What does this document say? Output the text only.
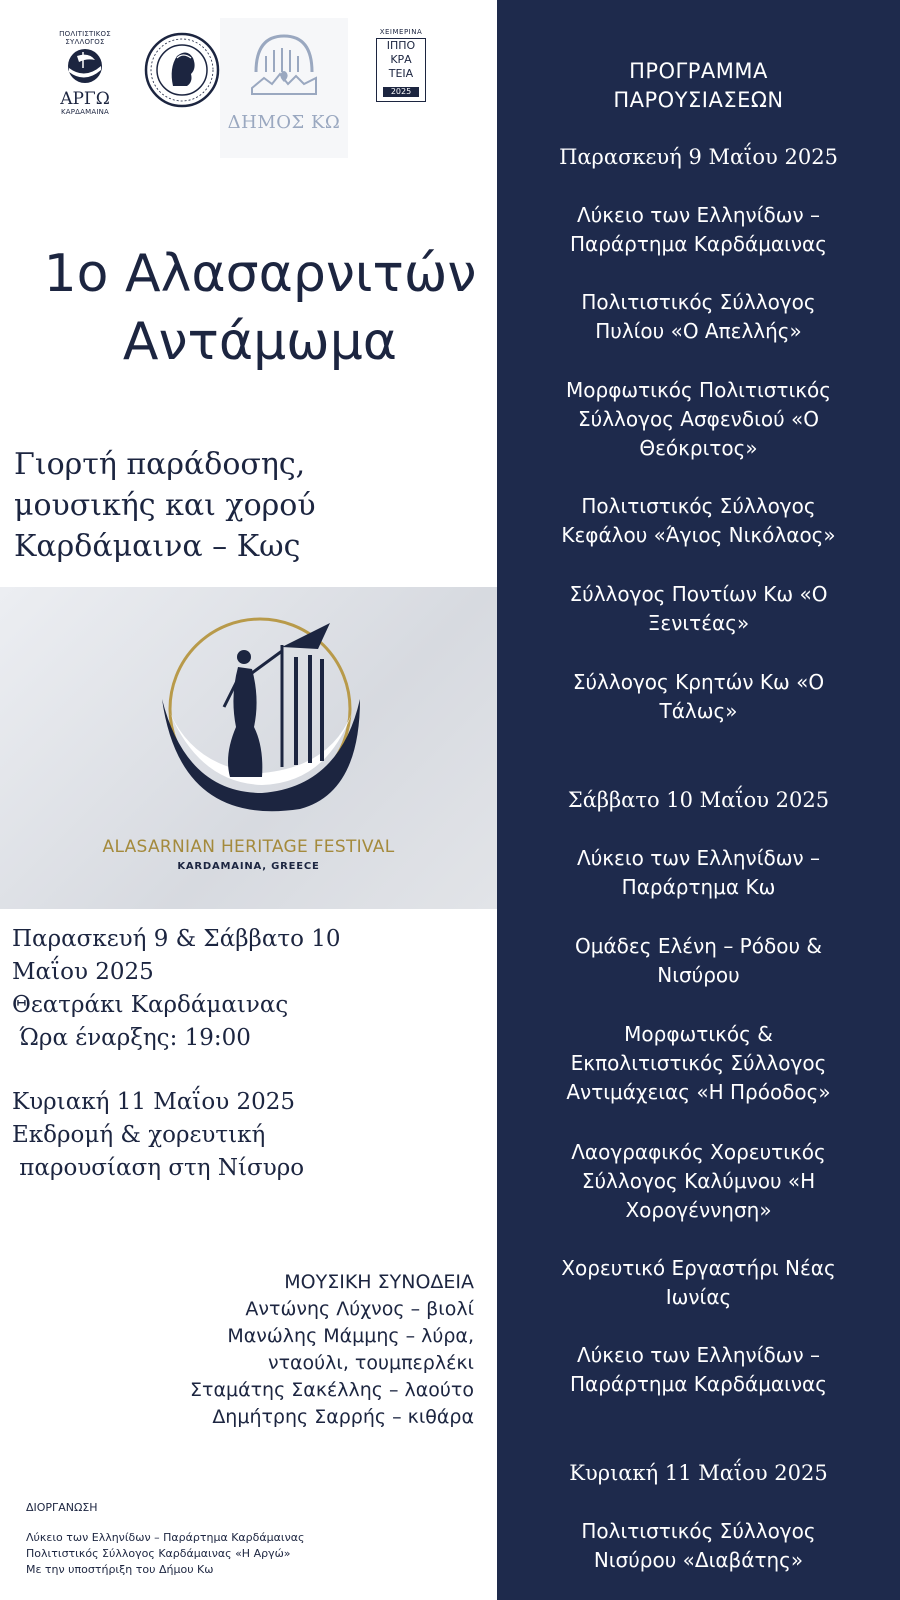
ΠΟΛΙΤΙΣΤΙΚΟΣ
ΣΥΛΛΟΓΟΣ
ΑΡΓΩ
ΚΑΡΔΑΜΑΙΝΑ	ΔΗΜΟΣ ΚΩ
ΧΕΙΜΕΡΙΝΑ
ΙΠΠΟ
ΚΡΑ
ΤΕΙΑ
2025
1ο Αλασαρνιτών
Αντάμωμα
Γιορτή παράδοσης,
μουσικής και χορού
Καρδάμαινα – Κως
ALASARNIAN HERITAGE FESTIVAL
KARDAMAINA, GREECE
Παρασκευή 9 & Σάββατο 10
Μαΐου 2025
Θεατράκι Καρδάμαινας
Ώρα έναρξης: 19:00
Κυριακή 11 Μαΐου 2025
Εκδρομή & χορευτική
παρουσίαση στη Νίσυρο
ΜΟΥΣΙΚΗ ΣΥΝΟΔΕΙΑ
Αντώνης Λύχνος – βιολί
Μανώλης Μάμμης – λύρα,
νταούλι, τουμπερλέκι
Σταμάτης Σακέλλης – λαούτο
Δημήτρης Σαρρής – κιθάρα
ΔΙΟΡΓΑΝΩΣΗ
Λύκειο των Ελληνίδων – Παράρτημα Καρδάμαινας
Πολιτιστικός Σύλλογος Καρδάμαινας «Η Αργώ»
Με την υποστήριξη του Δήμου Κω
ΠΡΟΓΡΑΜΜΑ
ΠΑΡΟΥΣΙΑΣΕΩΝ
Παρασκευή 9 Μαΐου 2025
Λύκειο των Ελληνίδων –
Παράρτημα Καρδάμαινας
Πολιτιστικός Σύλλογος
Πυλίου «Ο Απελλής»
Μορφωτικός Πολιτιστικός
Σύλλογος Ασφενδιού «Ο
Θεόκριτος»
Πολιτιστικός Σύλλογος
Κεφάλου «Άγιος Νικόλαος»
Σύλλογος Ποντίων Κω «Ο
Ξενιτέας»
Σύλλογος Κρητών Κω «Ο
Τάλως»
Σάββατο 10 Μαΐου 2025
Λύκειο των Ελληνίδων –
Παράρτημα Κω
Ομάδες Ελένη – Ρόδου &
Νισύρου
Μορφωτικός &
Εκπολιτιστικός Σύλλογος
Αντιμάχειας «Η Πρόοδος»
Λαογραφικός Χορευτικός
Σύλλογος Καλύμνου «Η
Χορογέννηση»
Χορευτικό Εργαστήρι Νέας
Ιωνίας
Λύκειο των Ελληνίδων –
Παράρτημα Καρδάμαινας
Κυριακή 11 Μαΐου 2025
Πολιτιστικός Σύλλογος
Νισύρου «Διαβάτης»
